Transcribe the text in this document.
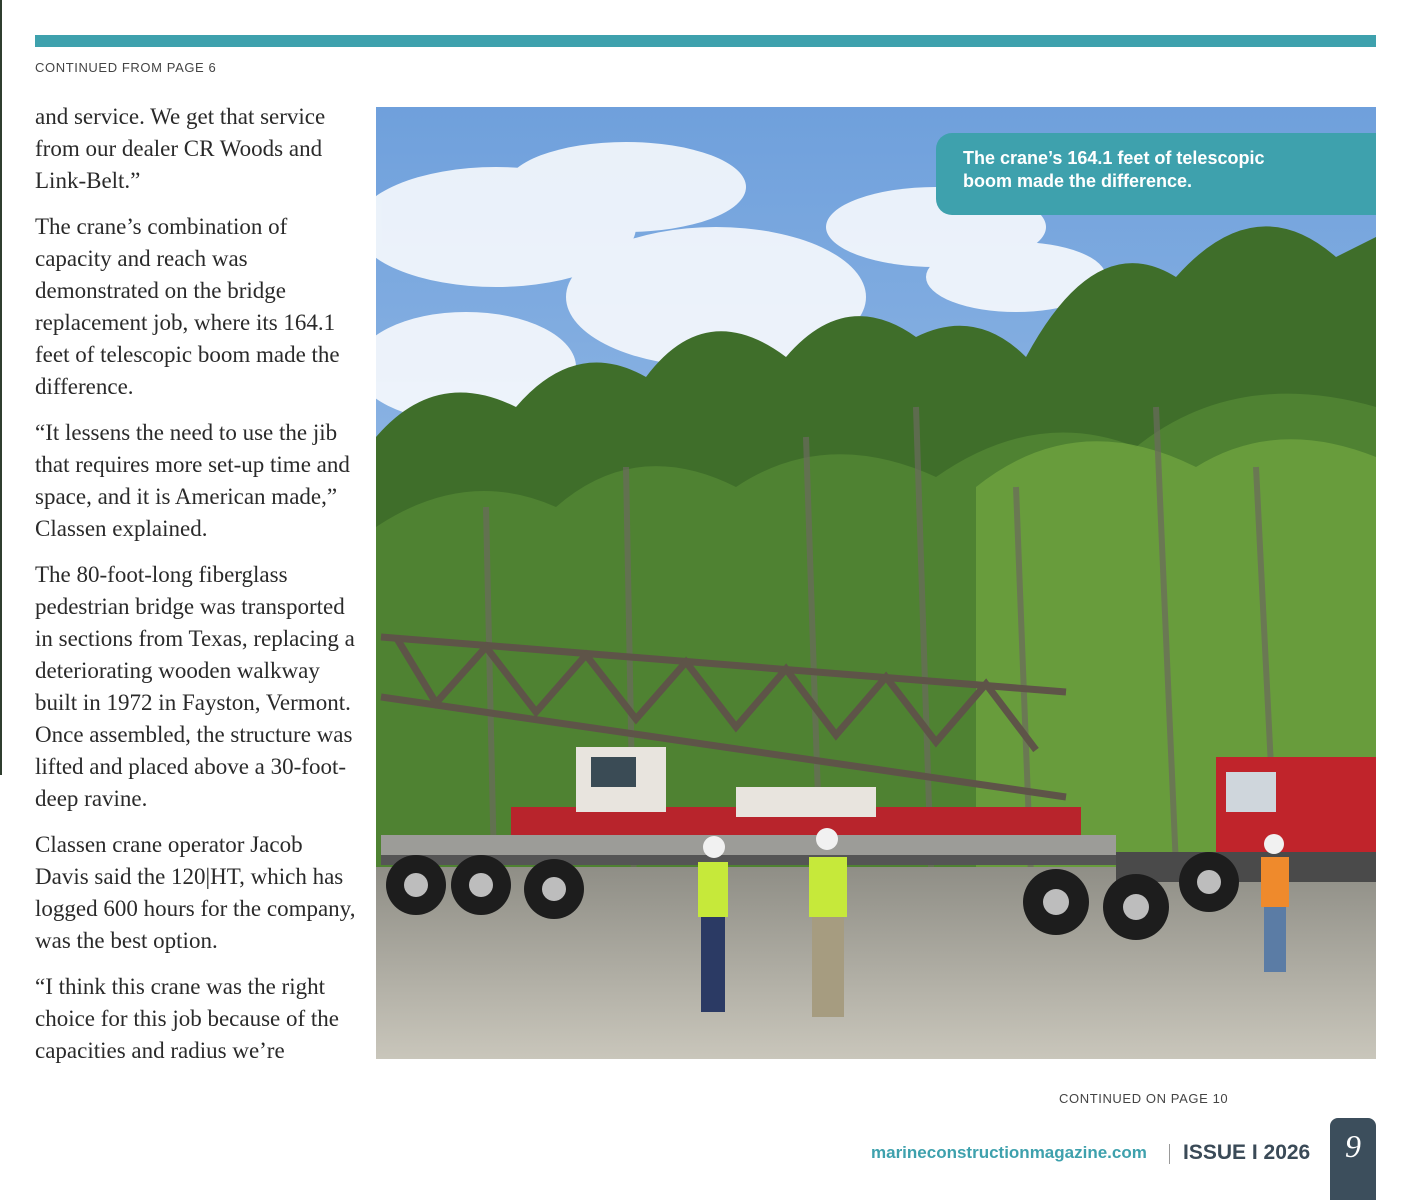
CONTINUED FROM PAGE 6

and service. We get that service from our dealer CR Woods and Link-Belt.”

The crane’s combination of capacity and reach was demonstrated on the bridge replacement job, where its 164.1 feet of telescopic boom made the difference.

“It lessens the need to use the jib that requires more set-up time and space, and it is American made,” Classen explained.

The 80-foot-long fiberglass pedestrian bridge was transported in sections from Texas, replacing a deteriorating wooden walkway built in 1972 in Fayston, Vermont. Once assembled, the structure was lifted and placed above a 30-foot-deep ravine.

Classen crane operator Jacob Davis said the 120|HT, which has logged 600 hours for the company, was the best option.

“I think this crane was the right choice for this job because of the capacities and radius we’re

The crane’s 164.1 feet of telescopic boom made the difference.
CONTINUED ON PAGE 10
marineconstructionmagazine.com ISSUE I 2026	9
